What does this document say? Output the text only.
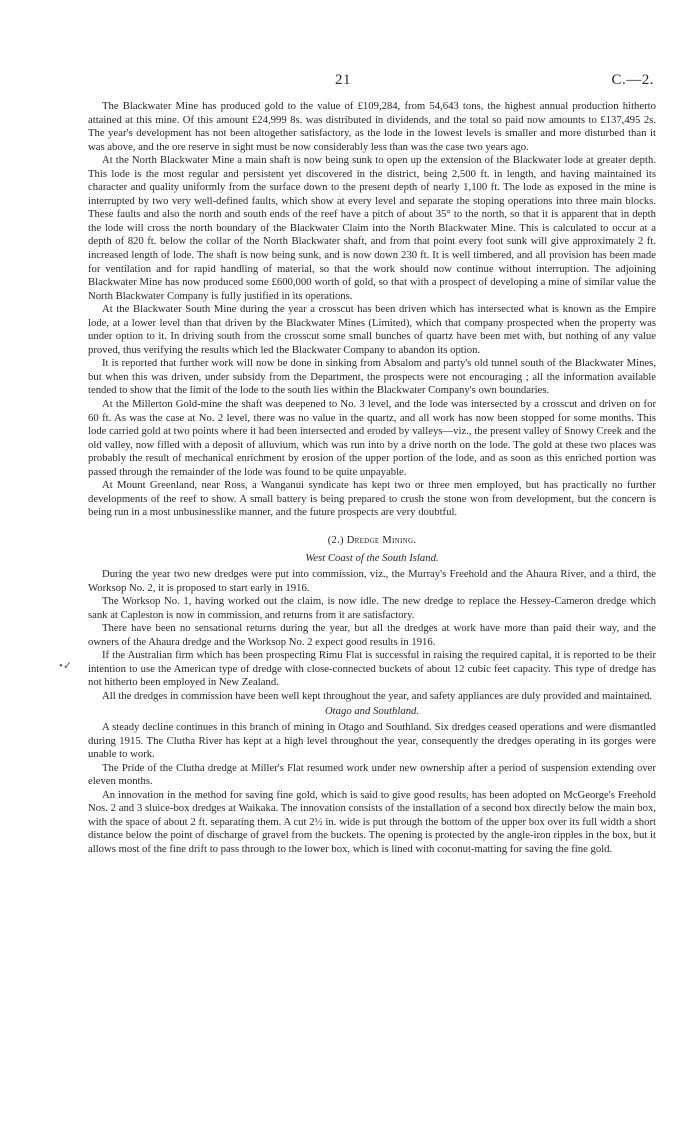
21	C.—2.
•✓

The Blackwater Mine has produced gold to the value of £109,284, from 54,643 tons, the highest annual production hitherto attained at this mine. Of this amount £24,999 8s. was distributed in dividends, and the total so paid now amounts to £137,495 2s. The year's development has not been altogether satisfactory, as the lode in the lowest levels is smaller and more disturbed than it was above, and the ore reserve in sight must be now considerably less than was the case two years ago.

At the North Blackwater Mine a main shaft is now being sunk to open up the extension of the Blackwater lode at greater depth. This lode is the most regular and persistent yet discovered in the district, being 2,500 ft. in length, and having maintained its character and quality uniformly from the surface down to the present depth of nearly 1,100 ft. The lode as exposed in the mine is interrupted by two very well-defined faults, which show at every level and separate the stoping operations into three main blocks. These faults and also the north and south ends of the reef have a pitch of about 35° to the north, so that it is apparent that in depth the lode will cross the north boundary of the Blackwater Claim into the North Blackwater Mine. This is calculated to occur at a depth of 820 ft. below the collar of the North Blackwater shaft, and from that point every foot sunk will give approximately 2 ft. increased length of lode. The shaft is now being sunk, and is now down 230 ft. It is well timbered, and all provision has been made for ventilation and for rapid handling of material, so that the work should now continue without interruption. The adjoining Blackwater Mine has now produced some £600,000 worth of gold, so that with a prospect of developing a mine of similar value the North Blackwater Company is fully justified in its operations.

At the Blackwater South Mine during the year a crosscut has been driven which has intersected what is known as the Empire lode, at a lower level than that driven by the Blackwater Mines (Limited), which that company prospected when the property was under option to it. In driving south from the crosscut some small bunches of quartz have been met with, but nothing of any value proved, thus verifying the results which led the Blackwater Company to abandon its option.

It is reported that further work will now be done in sinking from Absalom and party's old tunnel south of the Blackwater Mines, but when this was driven, under subsidy from the Department, the prospects were not encouraging ; all the information available tended to show that the limit of the lode to the south lies within the Blackwater Company's own boundaries.

At the Millerton Gold-mine the shaft was deepened to No. 3 level, and the lode was intersected by a crosscut and driven on for 60 ft. As was the case at No. 2 level, there was no value in the quartz, and all work has now been stopped for some months. This lode carried gold at two points where it had been intersected and eroded by valleys—viz., the present valley of Snowy Creek and the old valley, now filled with a deposit of alluvium, which was run into by a drive north on the lode. The gold at these two places was probably the result of mechanical enrichment by erosion of the upper portion of the lode, and as soon as this enriched portion was passed through the remainder of the lode was found to be quite unpayable.

At Mount Greenland, near Ross, a Wanganui syndicate has kept two or three men employed, but has practically no further developments of the reef to show. A small battery is being prepared to crush the stone won from development, but the concern is being run in a most unbusinesslike manner, and the future prospects are very doubtful.

(2.) Dredge Mining.
West Coast of the South Island.

During the year two new dredges were put into commission, viz., the Murray's Freehold and the Ahaura River, and a third, the Worksop No. 2, it is proposed to start early in 1916.

The Worksop No. 1, having worked out the claim, is now idle. The new dredge to replace the Hessey-Cameron dredge which sank at Capleston is now in commission, and returns from it are satisfactory.

There have been no sensational returns during the year, but all the dredges at work have more than paid their way, and the owners of the Ahaura dredge and the Worksop No. 2 expect good results in 1916.

If the Australian firm which has been prospecting Rimu Flat is successful in raising the required capital, it is reported to be their intention to use the American type of dredge with close-connected buckets of about 12 cubic feet capacity. This type of dredge has not hitherto been employed in New Zealand.

All the dredges in commission have been well kept throughout the year, and safety appliances are duly provided and maintained.

Otago and Southland.

A steady decline continues in this branch of mining in Otago and Southland. Six dredges ceased operations and were dismantled during 1915. The Clutha River has kept at a high level throughout the year, consequently the dredges operating in its gorges were unable to work.

The Pride of the Clutha dredge at Miller's Flat resumed work under new ownership after a period of suspension extending over eleven months.

An innovation in the method for saving fine gold, which is said to give good results, has been adopted on McGeorge's Freehold Nos. 2 and 3 sluice-box dredges at Waikaka. The innovation consists of the installation of a second box directly below the main box, with the space of about 2 ft. separating them. A cut 2½ in. wide is put through the bottom of the upper box over its full width a short distance below the point of discharge of gravel from the buckets. The opening is protected by the angle-iron ripples in the box, but it allows most of the fine drift to pass through to the lower box, which is lined with coconut-matting for saving the fine gold.
